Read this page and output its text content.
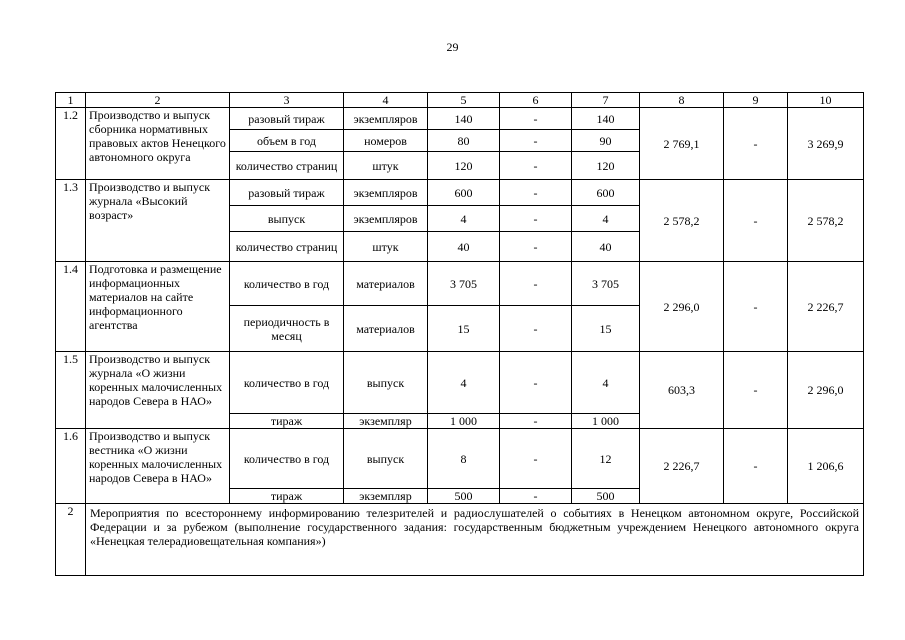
29
1	2	3	4	5	6	7	8	9	10
1.2	Производство и выпуск сборника нормативных правовых актов Ненецкого автономного округа	разовый тираж	экземпляров	140	-	140	2 769,1	-	3 269,9
		объем в год	номеров	80	-	90			
		количество страниц	штук	120	-	120			
1.3	Производство и выпуск журнала «Высокий возраст»	разовый тираж	экземпляров	600	-	600	2 578,2	-	2 578,2
		выпуск	экземпляров	4	-	4			
		количество страниц	штук	40	-	40			
1.4	Подготовка и размещение информационных материалов на сайте информационного агентства	количество в год	материалов	3 705	-	3 705	2 296,0	-	2 226,7
		периодичность в месяц	материалов	15	-	15			
1.5	Производство и выпуск журнала «О жизни коренных малочисленных народов Севера в НАО»	количество в год	выпуск	4	-	4	603,3	-	2 296,0
		тираж	экземпляр	1 000	-	1 000			
1.6	Производство и выпуск вестника «О жизни коренных малочисленных народов Севера в НАО»	количество в год	выпуск	8	-	12	2 226,7	-	1 206,6
		тираж	экземпляр	500	-	500			
2	Мероприятия по всестороннему информированию телезрителей и радиослушателей о событиях в Ненецком автономном округе, Российской Федерации и за рубежом (выполнение государственного задания: государственным бюджетным учреждением Ненецкого автономного округа «Ненецкая телерадиовещательная компания»)								
